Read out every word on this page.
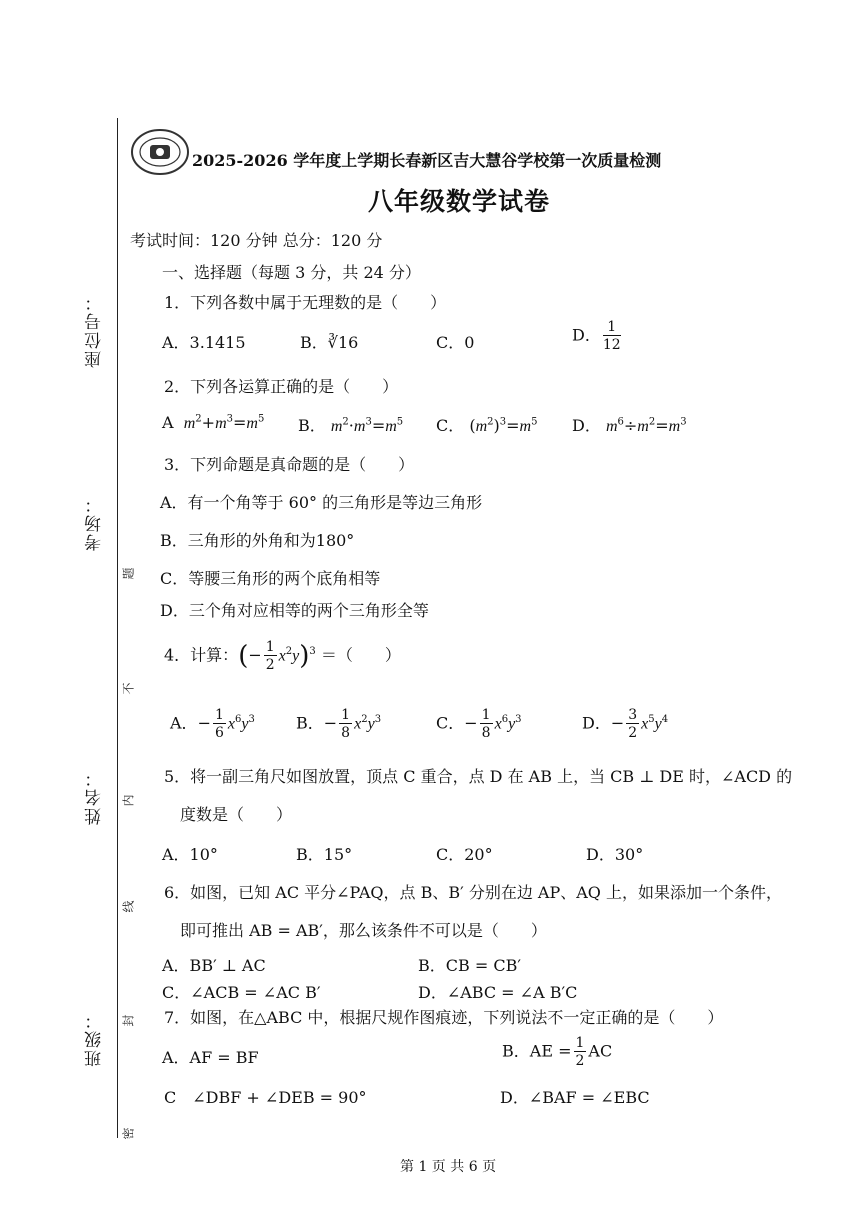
2025-2026 学年度上学期长春新区吉大慧谷学校第一次质量检测
八年级数学试卷
考试时间：120 分钟 总分：120 分
座位号：
考场：
姓名：
班级：
题
不
内
线
封
密
一、选择题（每题 3 分，共 24 分）
1．下列各数中属于无理数的是（　　）
A．3.1415	B．∛16	C．0	D． $\frac{1}{12}$
2．下列各运算正确的是（　　）
A $m^2+m^3=m^5$ B． $m^2\cdot m^3=m^5$ C． $(m^2)^3=m^5$ D． $m^6\div m^2=m^3$
3．下列命题是真命题的是（　　）
A．有一个角等于 60° 的三角形是等边三角形
B．三角形的外角和为180°
C．等腰三角形的两个底角相等
D．三个角对应相等的两个三角形全等
4．计算：(− $\frac{1}{2} x^2y)^3$ ＝（　　）
A．− $\frac{1}{6} x^6y^3$	B．− $\frac{1}{8} x^2y^3$	C．− $\frac{1}{8} x^6y^3$	D．− $\frac{3}{2} x^5y^4$
5．将一副三角尺如图放置，顶点 C 重合，点 D 在 AB 上，当 CB ⊥ DE 时，∠ACD 的
度数是（　　）
A．10°	B．15°	C．20°	D．30°
6．如图，已知 AC 平分∠PAQ，点 B、B′ 分别在边 AP、AQ 上，如果添加一个条件，
即可推出 AB = AB′，那么该条件不可以是（　　）
A．BB′ ⊥ AC	B．CB = CB′
C．∠ACB = ∠AC B′	D．∠ABC = ∠A B′C
7．如图，在△ABC 中，根据尺规作图痕迹，下列说法不一定正确的是（　　）
A．AF = BF	B．AE = $\frac{1}{2}$ AC
C　∠DBF + ∠DEB = 90°	D．∠BAF = ∠EBC
第 1 页 共 6 页
